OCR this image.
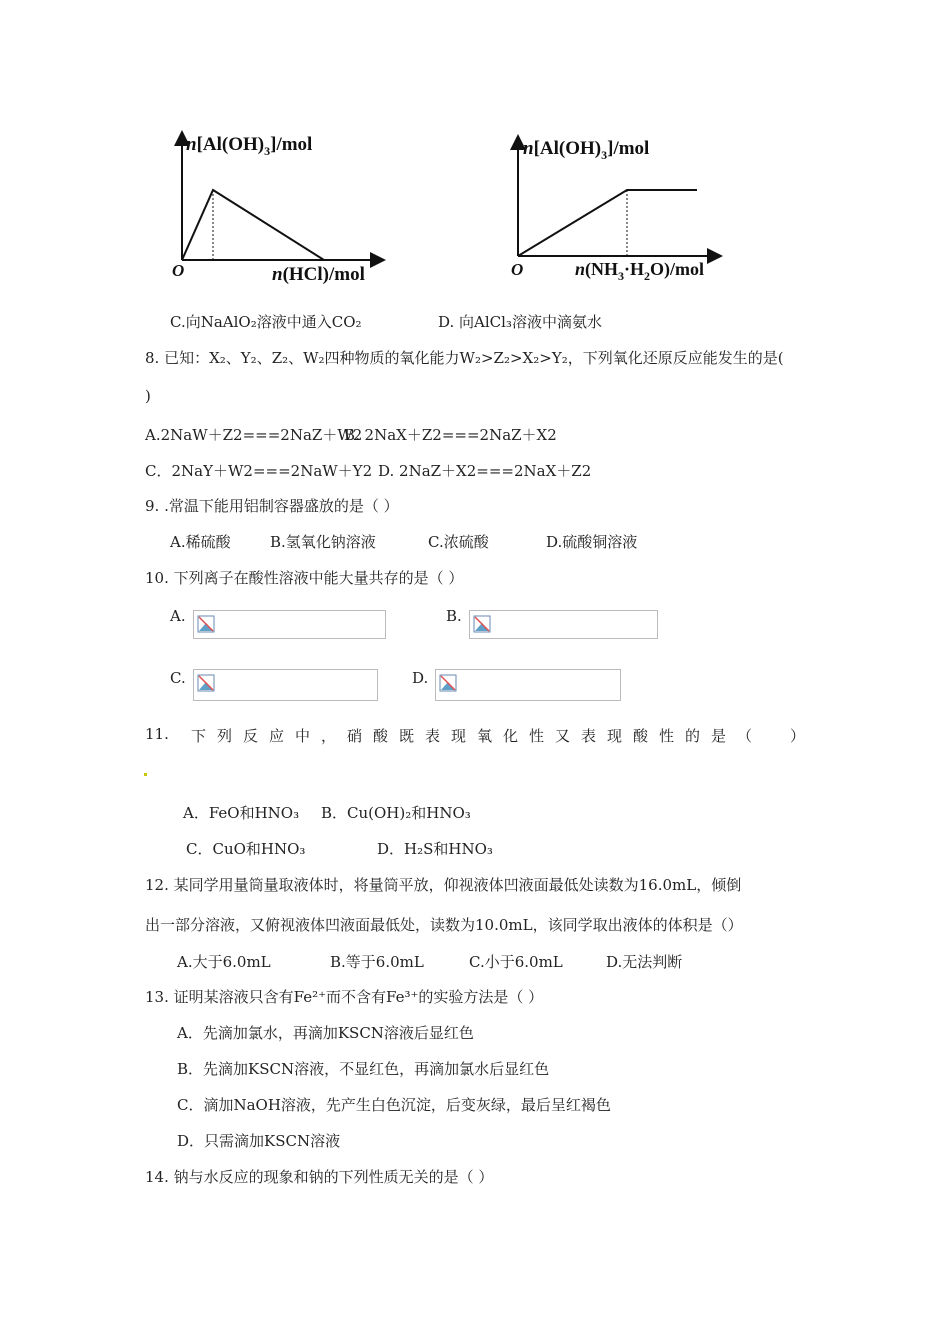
$n[Al(OH)_3]$/mol
O	n(HCl)/mol
$n[Al(OH)_3]$/mol
O	$n(NH_3\cdot H_2O)$/mol
C.向NaAlO₂溶液中通入CO₂	D. 向AlCl₃溶液中滴氨水
8. 已知：X₂、Y₂、Z₂、W₂四种物质的氧化能力W₂>Z₂>X₂>Y₂，下列氧化还原反应能发生的是(
)
A.2NaW＋Z2===2NaZ＋W2
B. 2NaX＋Z2===2NaZ＋X2
C．2NaY＋W2===2NaW＋Y2 D. 2NaZ＋X2===2NaX＋Z2
9. .常温下能用铝制容器盛放的是（ ）
A.稀硫酸	B.氢氧化钠溶液	C.浓硫酸	D.硫酸铜溶液
10. 下列离子在酸性溶液中能大量共存的是（ ）
A.	B.
C.	D.
11. 下列反应中，硝酸既表现氧化性又表现酸性的是（ ）
A．FeO和HNO₃ B．Cu(OH)₂和HNO₃
C．CuO和HNO₃	D．H₂S和HNO₃
12. 某同学用量筒量取液体时，将量筒平放，仰视液体凹液面最低处读数为16.0mL，倾倒
出一部分溶液，又俯视液体凹液面最低处，读数为10.0mL，该同学取出液体的体积是（）
A.大于6.0mL	B.等于6.0mL	C.小于6.0mL	D.无法判断
13. 证明某溶液只含有Fe²⁺而不含有Fe³⁺的实验方法是（ ）
A．先滴加氯水，再滴加KSCN溶液后显红色
B．先滴加KSCN溶液，不显红色，再滴加氯水后显红色
C．滴加NaOH溶液，先产生白色沉淀，后变灰绿，最后呈红褐色
D．只需滴加KSCN溶液
14. 钠与水反应的现象和钠的下列性质无关的是（ ）
